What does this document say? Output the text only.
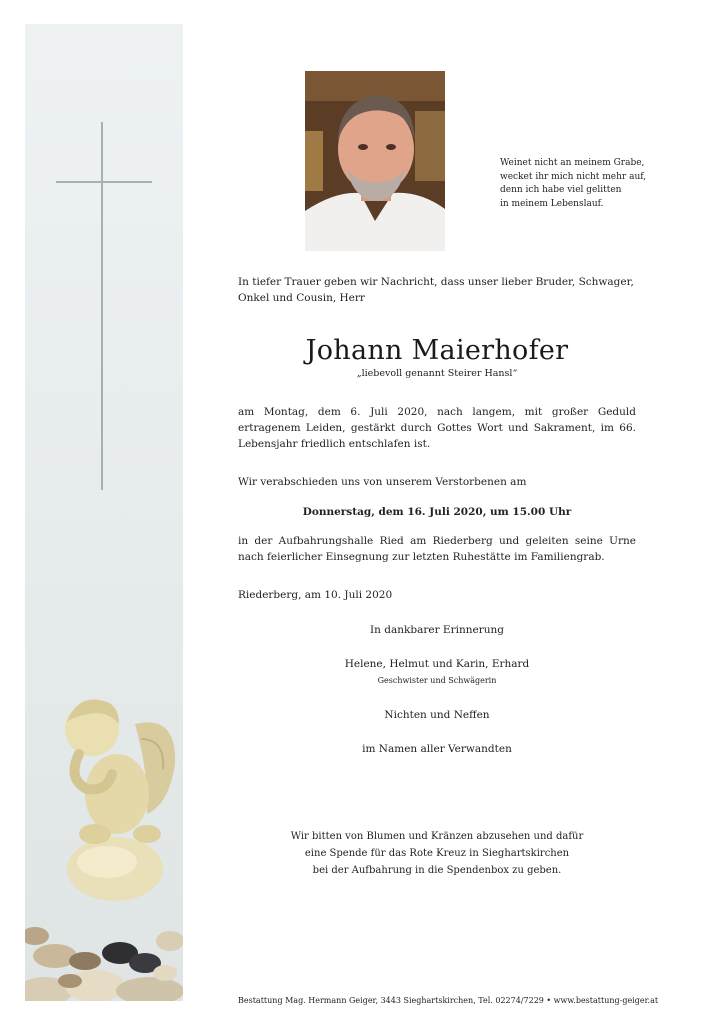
Weinet nicht an meinem Grabe,
wecket ihr mich nicht mehr auf,
denn ich habe viel gelitten
in meinem Lebenslauf.
In tiefer Trauer geben wir Nachricht, dass unser lieber Bruder, Schwager, Onkel und Cousin, Herr
Johann Maierhofer
„liebevoll genannt Steirer Hansl“
am Montag, dem 6. Juli 2020, nach langem, mit großer Geduld ertragenem Leiden, gestärkt durch Gottes Wort und Sakrament, im 66. Lebensjahr friedlich entschlafen ist.
Wir verabschieden uns von unserem Verstorbenen am
Donnerstag, dem 16. Juli 2020, um 15.00 Uhr
in der Aufbahrungshalle Ried am Riederberg und geleiten seine Urne nach feierlicher Einsegnung zur letzten Ruhestätte im Familiengrab.
Riederberg, am 10. Juli 2020
In dankbarer Erinnerung
Helene, Helmut und Karin, Erhard
Geschwister und Schwägerin
Nichten und Neffen
im Namen aller Verwandten
Wir bitten von Blumen und Kränzen abzusehen und dafür
eine Spende für das Rote Kreuz in Sieghartskirchen
bei der Aufbahrung in die Spendenbox zu geben.
Bestattung Mag. Hermann Geiger, 3443 Sieghartskirchen, Tel. 02274/7229 • www.bestattung-geiger.at
